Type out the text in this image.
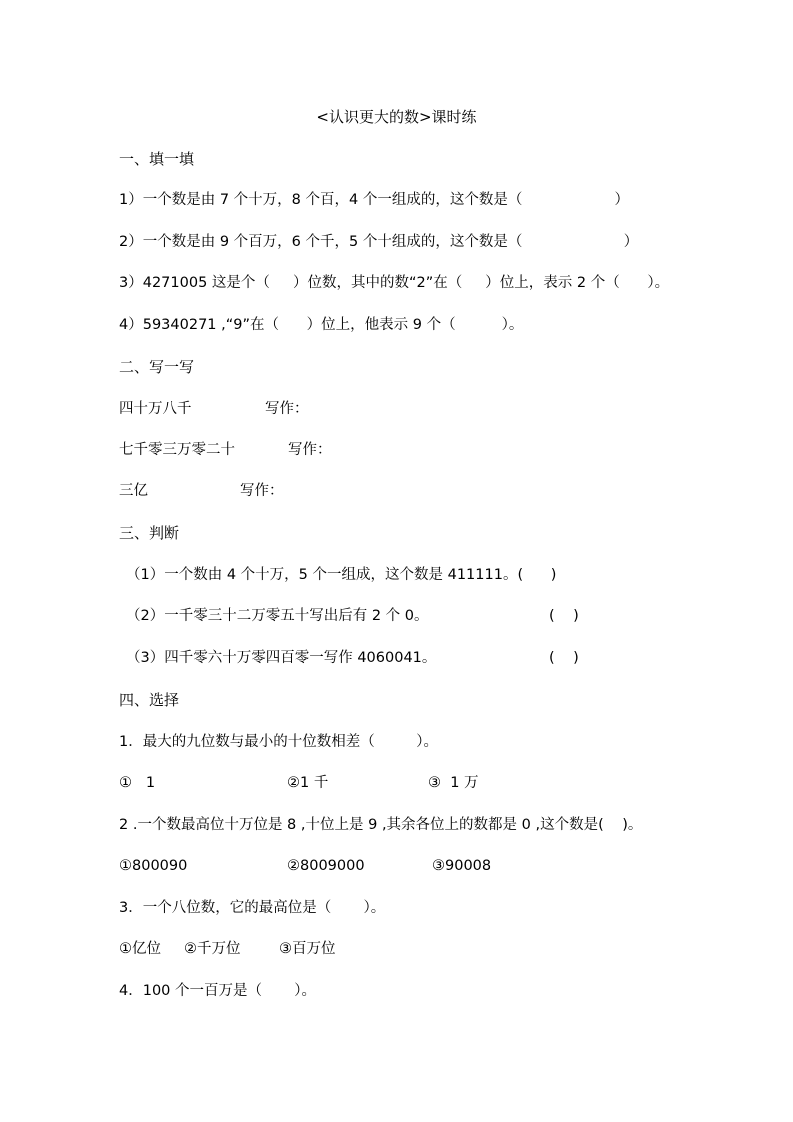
<认识更大的数>课时练
一、填一填
1）一个数是由 7 个十万，8 个百，4 个一组成的，这个数是（                    ）
2）一个数是由 9 个百万，6 个千，5 个十组成的，这个数是（                      ）
3）4271005 这是个（     ）位数，其中的数“2”在（     ）位上，表示 2 个（      ）。
4）59340271 ,“9”在（      ）位上，他表示 9 个（          ）。
二、写一写
四十万八千	写作：
七千零三万零二十	写作：
三亿	写作：
三、判断
（1）一个数由 4 个十万，5 个一组成，这个数是 411111。(      )
（2）一千零三十二万零五十写出后有 2 个 0。	(    )
（3）四千零六十万零四百零一写作 4060041。	(    )
四、选择
1．最大的九位数与最小的十位数相差（         ）。
①   1	②1 千	③  1 万
2 .一个数最高位十万位是 8 ,十位上是 9 ,其余各位上的数都是 0 ,这个数是(    )。
①800090	②8009000	③90008
3．一个八位数，它的最高位是（       ）。
①亿位 ②千万位	③百万位
4．100 个一百万是（       ）。
